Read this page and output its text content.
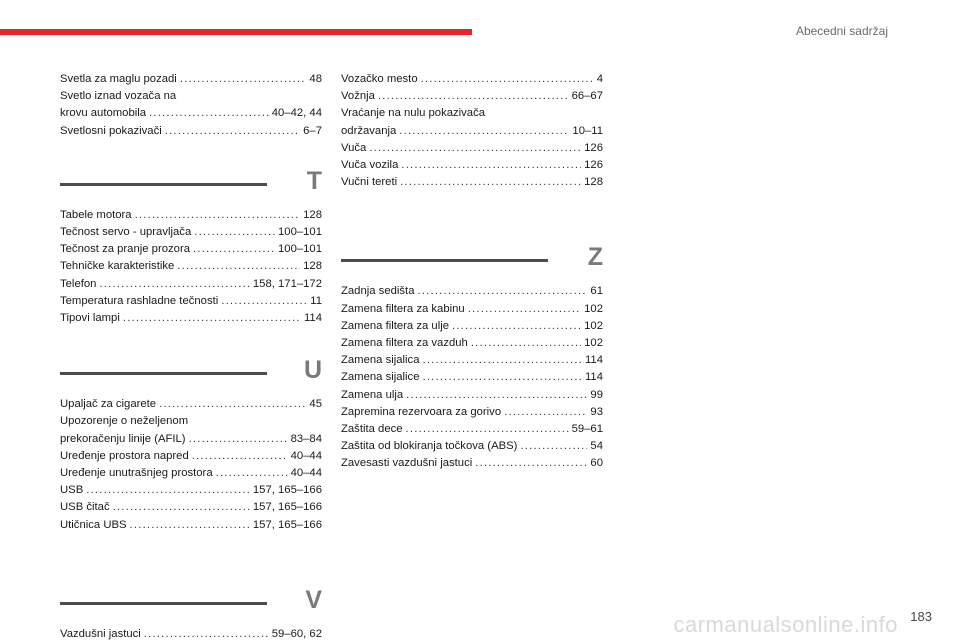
Abecedni sadržaj
Svetla za maglu pozadi .....	48
Svetlo iznad vozača na
krovu automobila .....	40–42, 44
Svetlosni pokazivači .....	6–7
T
Tabele motora .....	128
Tečnost servo - upravljača .....	100–101
Tečnost za pranje prozora .....	100–101
Tehničke karakteristike .....	128
Telefon .....	158, 171–172
Temperatura rashladne tečnosti .....	11
Tipovi lampi .....	114
U
Upaljač za cigarete .....	45
Upozorenje o neželjenom
prekoračenju linije (AFIL) .....	83–84
Uređenje prostora napred .....	40–44
Uređenje unutrašnjeg prostora .....	40–44
USB .....	157, 165–166
USB čitač .....	157, 165–166
Utičnica UBS .....	157, 165–166
V
Vazdušni jastuci .....	59–60, 62
Vozačko mesto .....	4
Vožnja .....	66–67
Vraćanje na nulu pokazivača
održavanja .....	10–11
Vuča .....	126
Vuča vozila .....	126
Vučni tereti .....	128
Z
Zadnja sedišta .....	61
Zamena filtera za kabinu .....	102
Zamena filtera za ulje .....	102
Zamena filtera za vazduh .....	102
Zamena sijalica .....	114
Zamena sijalice .....	114
Zamena ulja .....	99
Zapremina rezervoara za gorivo .....	93
Zaštita dece .....	59–61
Zaštita od blokiranja točkova (ABS) .....	54
Zavesasti vazdušni jastuci .....	60
183
carmanualsonline.info
